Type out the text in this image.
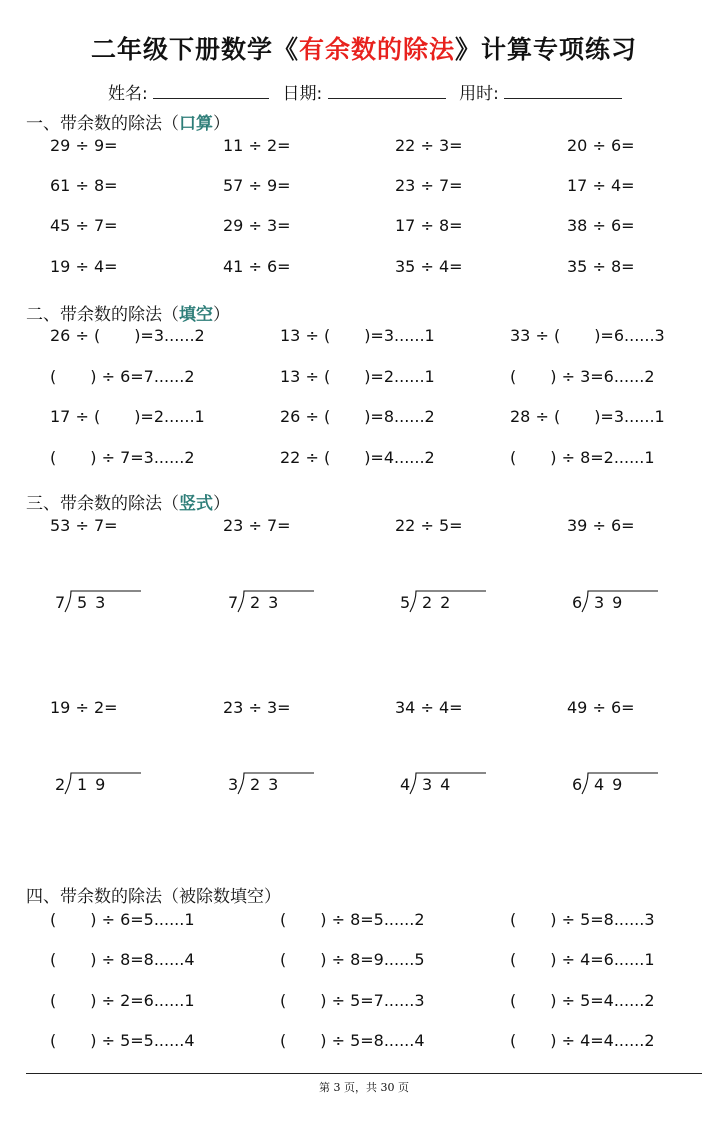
二年级下册数学《有余数的除法》计算专项练习
姓名:	日期:	用时:
一、带余数的除法（口算）
29 ÷ 9=	11 ÷ 2=	22 ÷ 3=	20 ÷ 6=
61 ÷ 8=	57 ÷ 9=	23 ÷ 7=	17 ÷ 4=
45 ÷ 7=	29 ÷ 3=	17 ÷ 8=	38 ÷ 6=
19 ÷ 4=	41 ÷ 6=	35 ÷ 4=	35 ÷ 8=
二、带余数的除法（填空）
26 ÷ ( )=3......2	13 ÷ ( )=3......1	33 ÷ ( )=6......3
( ) ÷ 6=7......2	13 ÷ ( )=2......1	( ) ÷ 3=6......2
17 ÷ ( )=2......1	26 ÷ ( )=8......2	28 ÷ ( )=3......1
( ) ÷ 7=3......2	22 ÷ ( )=4......2	( ) ÷ 8=2......1
三、带余数的除法（竖式）
53 ÷ 7=	23 ÷ 7=	22 ÷ 5=	39 ÷ 6=
7 53	7 23	5 22	6 39
19 ÷ 2=	23 ÷ 3=	34 ÷ 4=	49 ÷ 6=
2 19	3 23	4 34	6 49
四、带余数的除法（被除数填空）
( ) ÷ 6=5......1	( ) ÷ 8=5......2	( ) ÷ 5=8......3
( ) ÷ 8=8......4	( ) ÷ 8=9......5	( ) ÷ 4=6......1
( ) ÷ 2=6......1	( ) ÷ 5=7......3	( ) ÷ 5=4......2
( ) ÷ 5=5......4	( ) ÷ 5=8......4	( ) ÷ 4=4......2
第 3 页，共 30 页
